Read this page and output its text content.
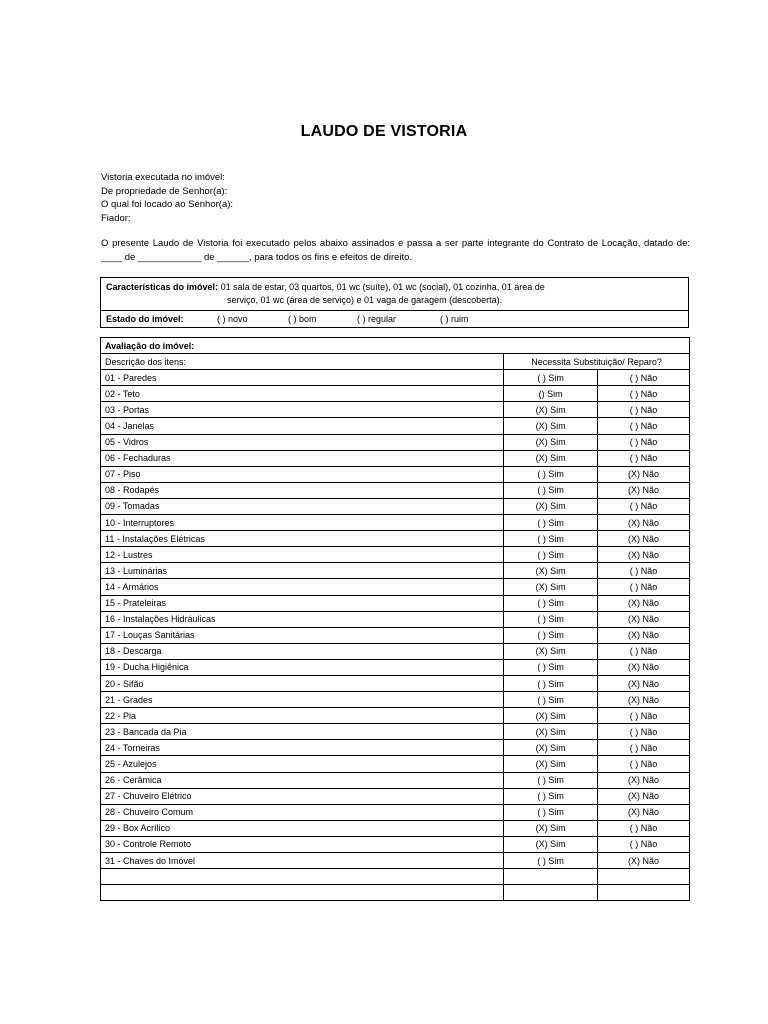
LAUDO DE VISTORIA
Vistoria executada no imóvel:
De propriedade de Senhor(a):
O qual foi locado ao Senhor(a):
Fiador:
O presente Laudo de Vistoria foi executado pelos abaixo assinados e passa a ser parte integrante do Contrato de Locação, datado de: ____ de ____________ de ______, para todos os fins e efeitos de direito.
Características do imóvel: 01 sala de estar, 03 quartos, 01 wc (suíte), 01 wc (social), 01 cozinha, 01 área de
serviço, 01 wc (área de serviço) e 01 vaga de garagem (descoberta).
Estado do imóvel:	( ) novo	( ) bom	( ) regular	( ) ruim
Avaliação do imóvel:		
Descrição dos itens:	Necessita Substituição/ Reparo?	
01 - Paredes	( ) Sim	( ) Não
02 - Teto	() Sim	( ) Não
03 - Portas	(X) Sim	( ) Não
04 - Janelas	(X) Sim	( ) Não
05 - Vidros	(X) Sim	( ) Não
06 - Fechaduras	(X) Sim	( ) Não
07 - Piso	( ) Sim	(X) Não
08 - Rodapés	( ) Sim	(X) Não
09 - Tomadas	(X) Sim	( ) Não
10 - Interruptores	( ) Sim	(X) Não
11 - Instalações Elétricas	( ) Sim	(X) Não
12 - Lustres	( ) Sim	(X) Não
13 - Luminárias	(X) Sim	( ) Não
14 - Armários	(X) Sim	( ) Não
15 - Prateleiras	( ) Sim	(X) Não
16 - Instalações Hidráulicas	( ) Sim	(X) Não
17 - Louças Sanitárias	( ) Sim	(X) Não
18 - Descarga	(X) Sim	( ) Não
19 - Ducha Higiênica	( ) Sim	(X) Não
20 - Sifão	( ) Sim	(X) Não
21 - Grades	( ) Sim	(X) Não
22 - Pia	(X) Sim	( ) Não
23 - Bancada da Pia	(X) Sim	( ) Não
24 - Torneiras	(X) Sim	( ) Não
25 - Azulejos	(X) Sim	( ) Não
26 - Cerâmica	( ) Sim	(X) Não
27 - Chuveiro Elétrico	( ) Sim	(X) Não
28 - Chuveiro Comum	( ) Sim	(X) Não
29 - Box Acrílico	(X) Sim	( ) Não
30 - Controle Remoto	(X) Sim	( ) Não
31 - Chaves do Imóvel	( ) Sim	(X) Não
